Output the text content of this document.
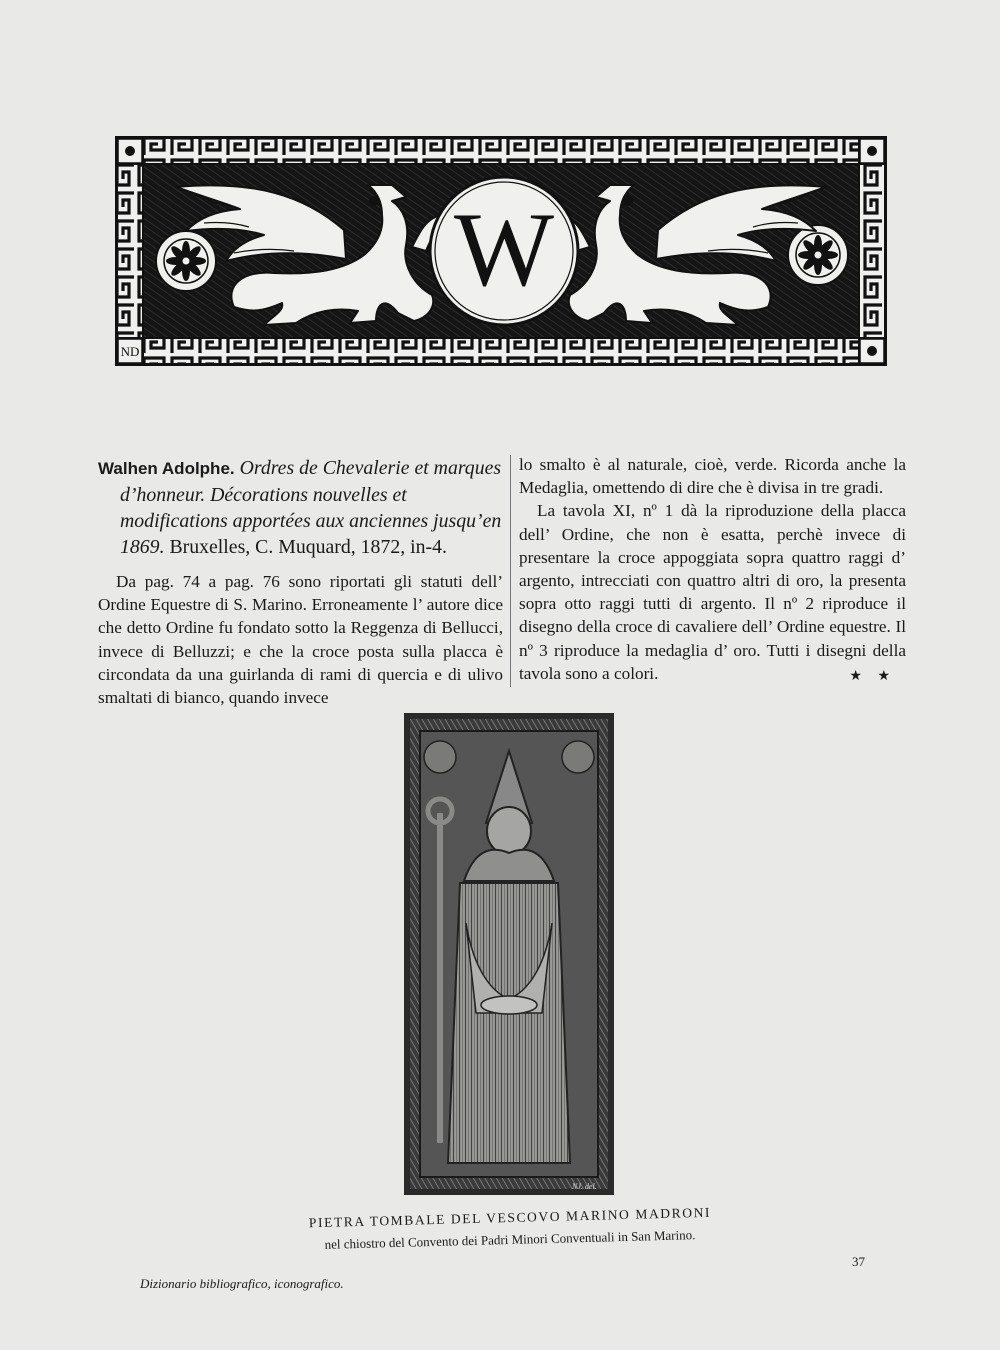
W
ND
Walhen Adolphe. Ordres de Chevalerie et marques d’honneur. Décorations nouvelles et modifications apportées aux anciennes jusqu’en 1869. Bruxelles, C. Muquard, 1872, in-4.

Da pag. 74 a pag. 76 sono riportati gli statuti dell’ Ordine Equestre di S. Marino. Erroneamente l’ autore dice che detto Ordine fu fondato sotto la Reggenza di Bellucci, invece di Belluzzi; e che la croce posta sulla placca è circondata da una guirlanda di rami di quercia e di ulivo smaltati di bianco, quando invece

lo smalto è al naturale, cioè, verde. Ricorda anche la Medaglia, omettendo di dire che è divisa in tre gradi.

La tavola XI, nº 1 dà la riproduzione della placca dell’ Ordine, che non è esatta, perchè invece di presentare la croce appoggiata sopra quattro raggi d’ argento, intrecciati con quattro altri di oro, la presenta sopra otto raggi tutti di argento. Il nº 2 riproduce il disegno della croce di cavaliere dell’ Ordine equestre. Il nº 3 riproduce la medaglia d’ oro. Tutti i disegni della tavola sono a colori.	★ ★
NJ. del.
PIETRA TOMBALE DEL VESCOVO MARINO MADRONI
nel chiostro del Convento dei Padri Minori Conventuali in San Marino.
37
Dizionario bibliografico, iconografico.
